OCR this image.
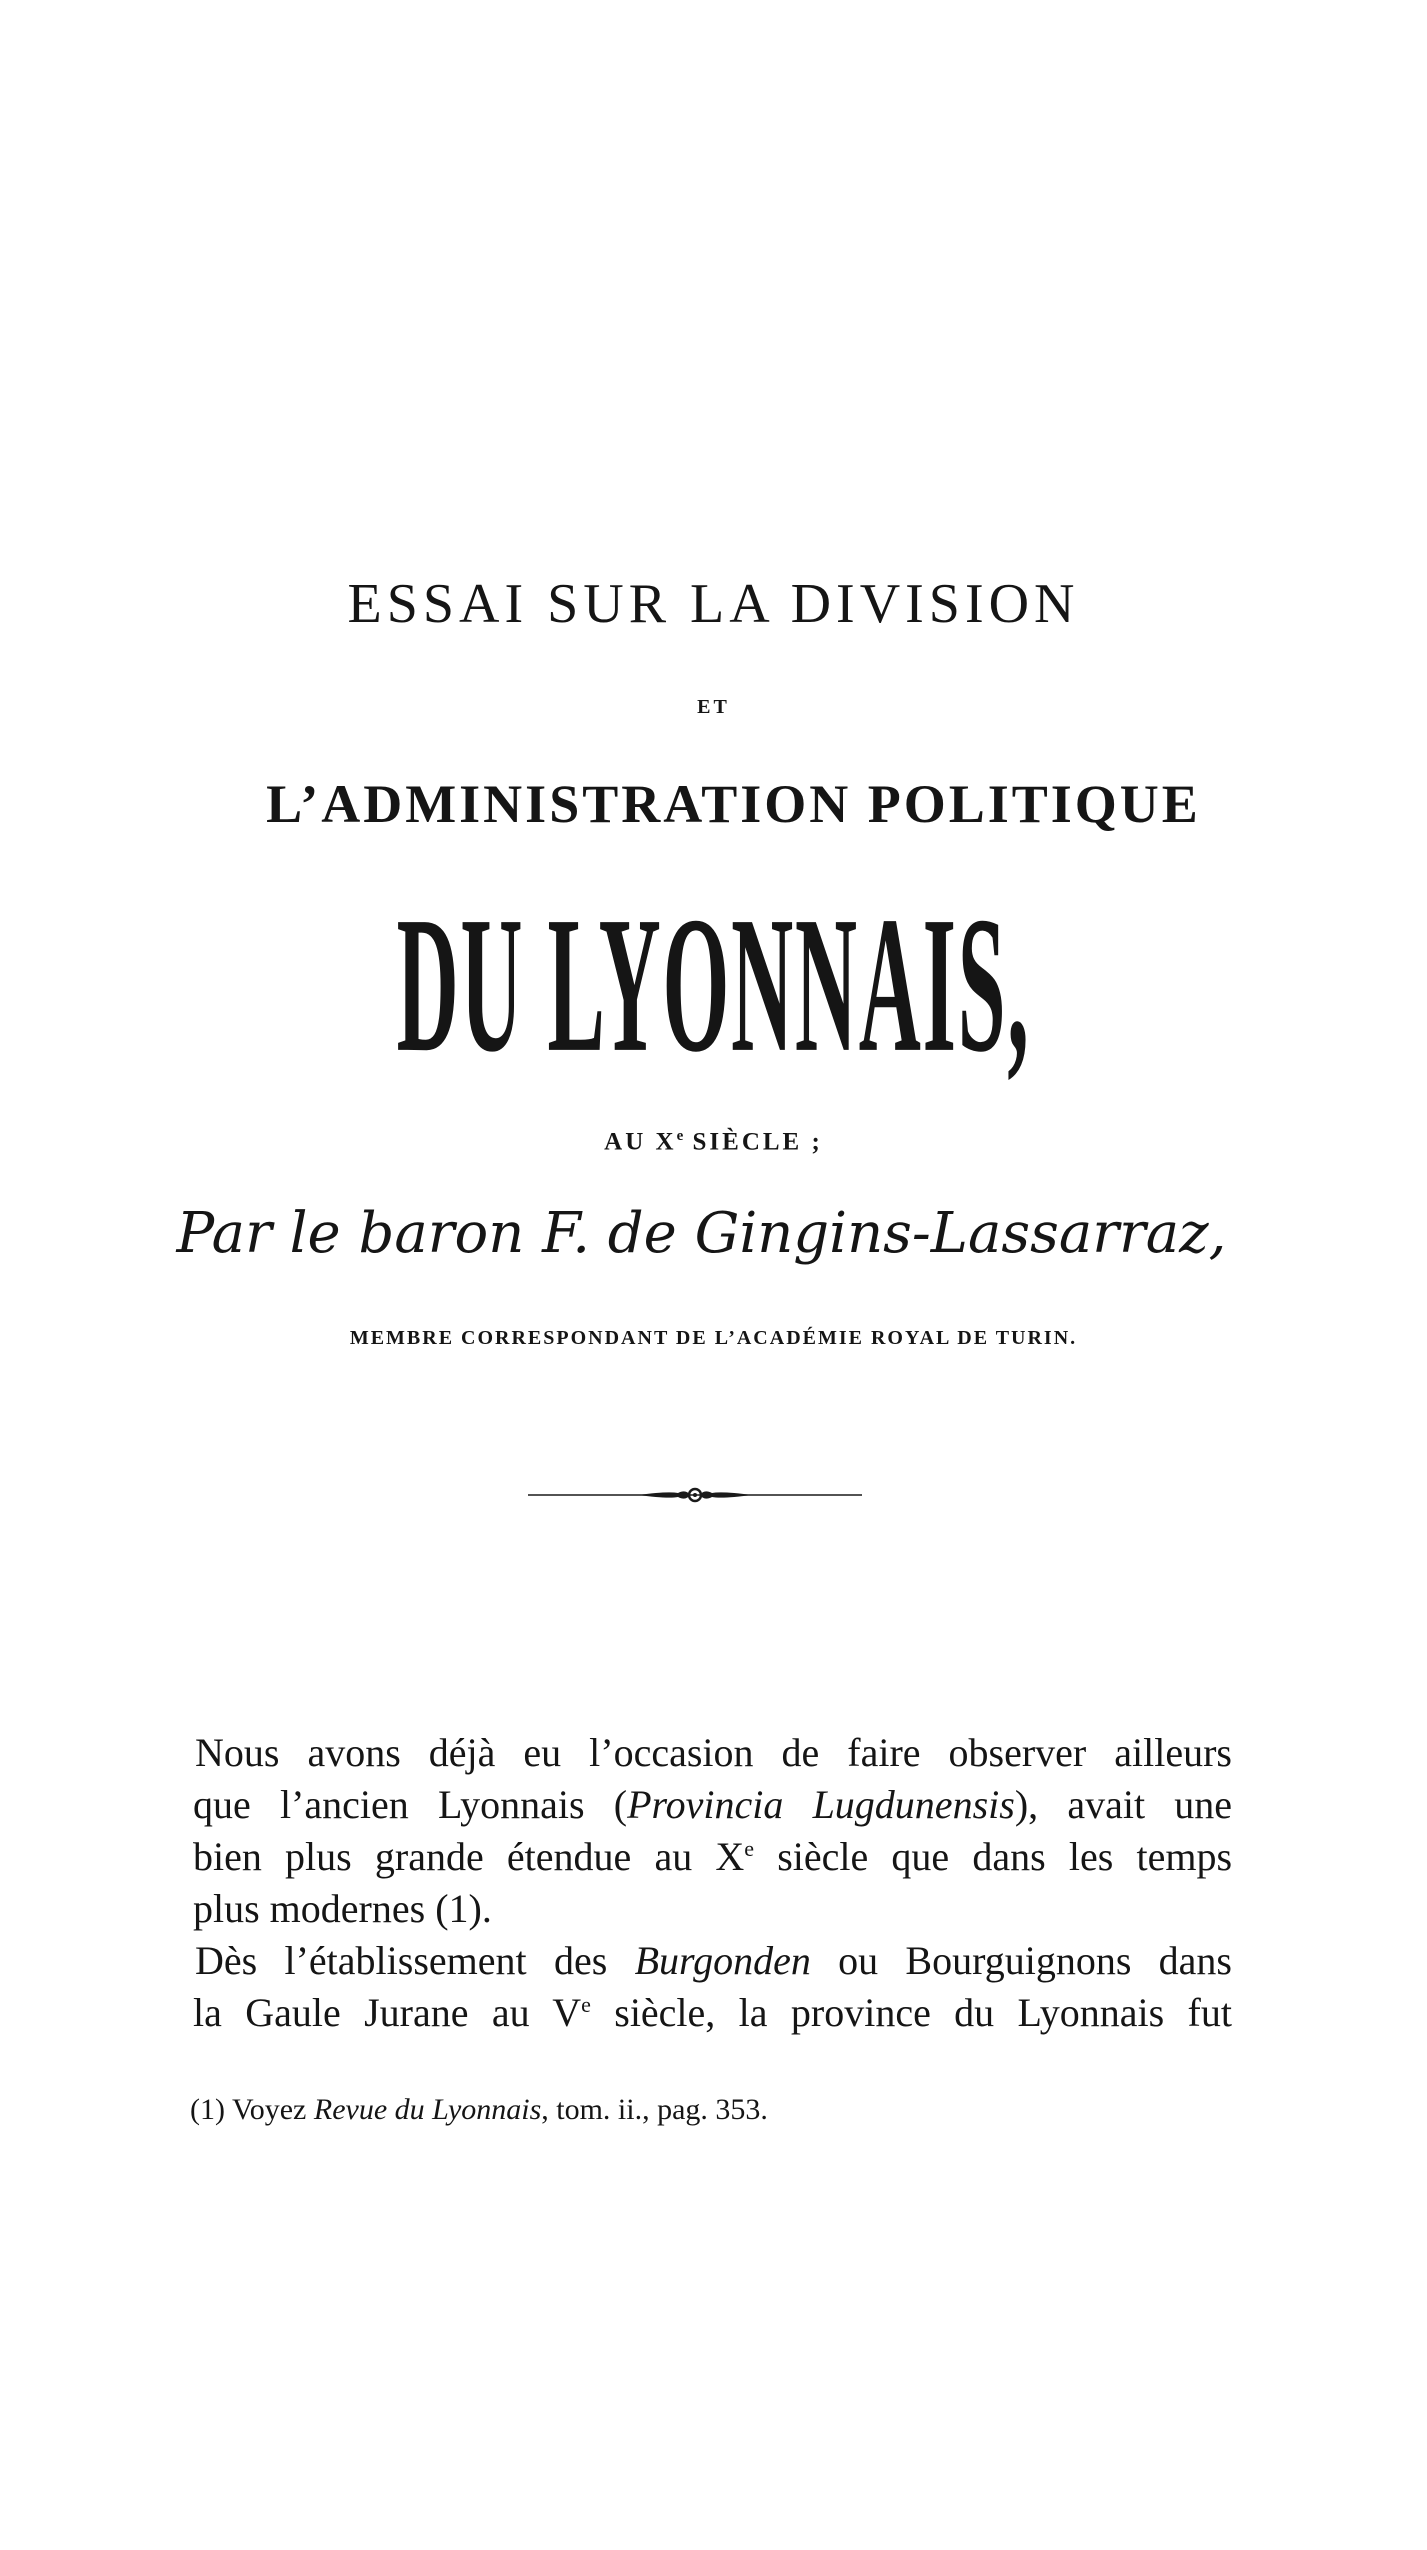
ESSAI SUR LA DIVISION
ET
L’ADMINISTRATION POLITIQUE
DU LYONNAIS,
AU Xe SIÈCLE ;
Par le baron F. de Gingins-Lassarraz,
MEMBRE CORRESPONDANT DE L’ACADÉMIE ROYAL DE TURIN.
Nous avons déjà eu l’occasion de faire observer ailleurs
que l’ancien Lyonnais (Provincia Lugdunensis), avait une
bien plus grande étendue au Xe siècle que dans les temps
plus modernes (1).
Dès l’établissement des Burgonden ou Bourguignons dans
la Gaule Jurane au Ve siècle, la province du Lyonnais fut
(1) Voyez Revue du Lyonnais, tom. ii., pag. 353.
